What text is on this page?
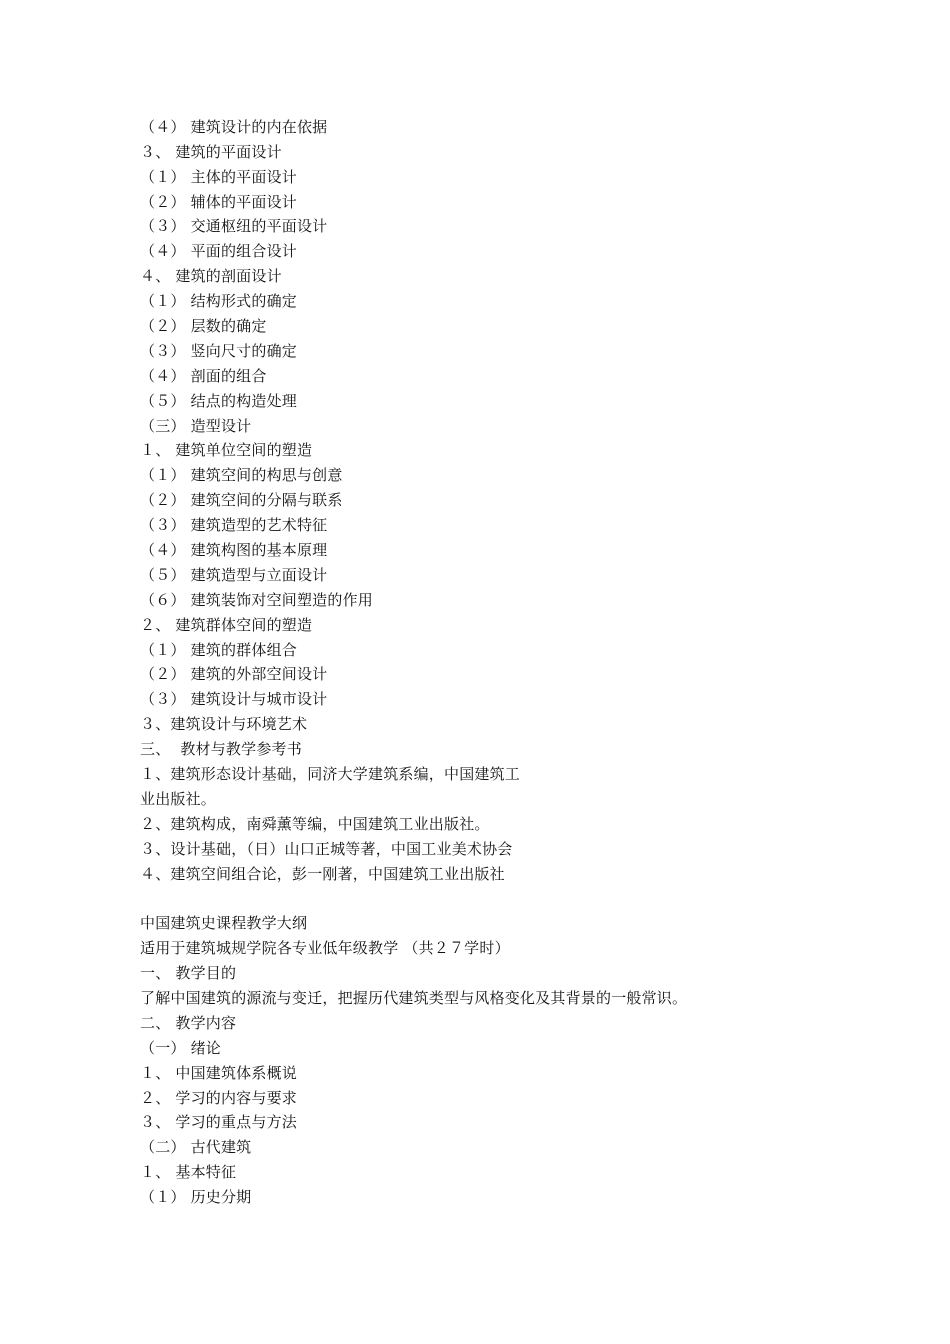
（４） 建筑设计的内在依据
３、 建筑的平面设计
（１） 主体的平面设计
（２） 辅体的平面设计
（３） 交通枢纽的平面设计
（４） 平面的组合设计
４、 建筑的剖面设计
（１） 结构形式的确定
（２） 层数的确定
（３） 竖向尺寸的确定
（４） 剖面的组合
（５） 结点的构造处理
（三） 造型设计
１、 建筑单位空间的塑造
（１） 建筑空间的构思与创意
（２） 建筑空间的分隔与联系
（３） 建筑造型的艺术特征
（４） 建筑构图的基本原理
（５） 建筑造型与立面设计
（６） 建筑装饰对空间塑造的作用
２、 建筑群体空间的塑造
（１） 建筑的群体组合
（２） 建筑的外部空间设计
（３） 建筑设计与城市设计
３、建筑设计与环境艺术
三、  教材与教学参考书
１、建筑形态设计基础，同济大学建筑系编，中国建筑工
业出版社。
２、建筑构成，南舜薰等编，中国建筑工业出版社。
３、设计基础，（日）山口正城等著，中国工业美术协会
４、建筑空间组合论，彭一刚著，中国建筑工业出版社
中国建筑史课程教学大纲
适用于建筑城规学院各专业低年级教学 （共２７学时）
一、 教学目的
了解中国建筑的源流与变迁，把握历代建筑类型与风格变化及其背景的一般常识。
二、 教学内容
（一） 绪论
１、 中国建筑体系概说
２、 学习的内容与要求
３、 学习的重点与方法
（二） 古代建筑
１、 基本特征
（１） 历史分期
